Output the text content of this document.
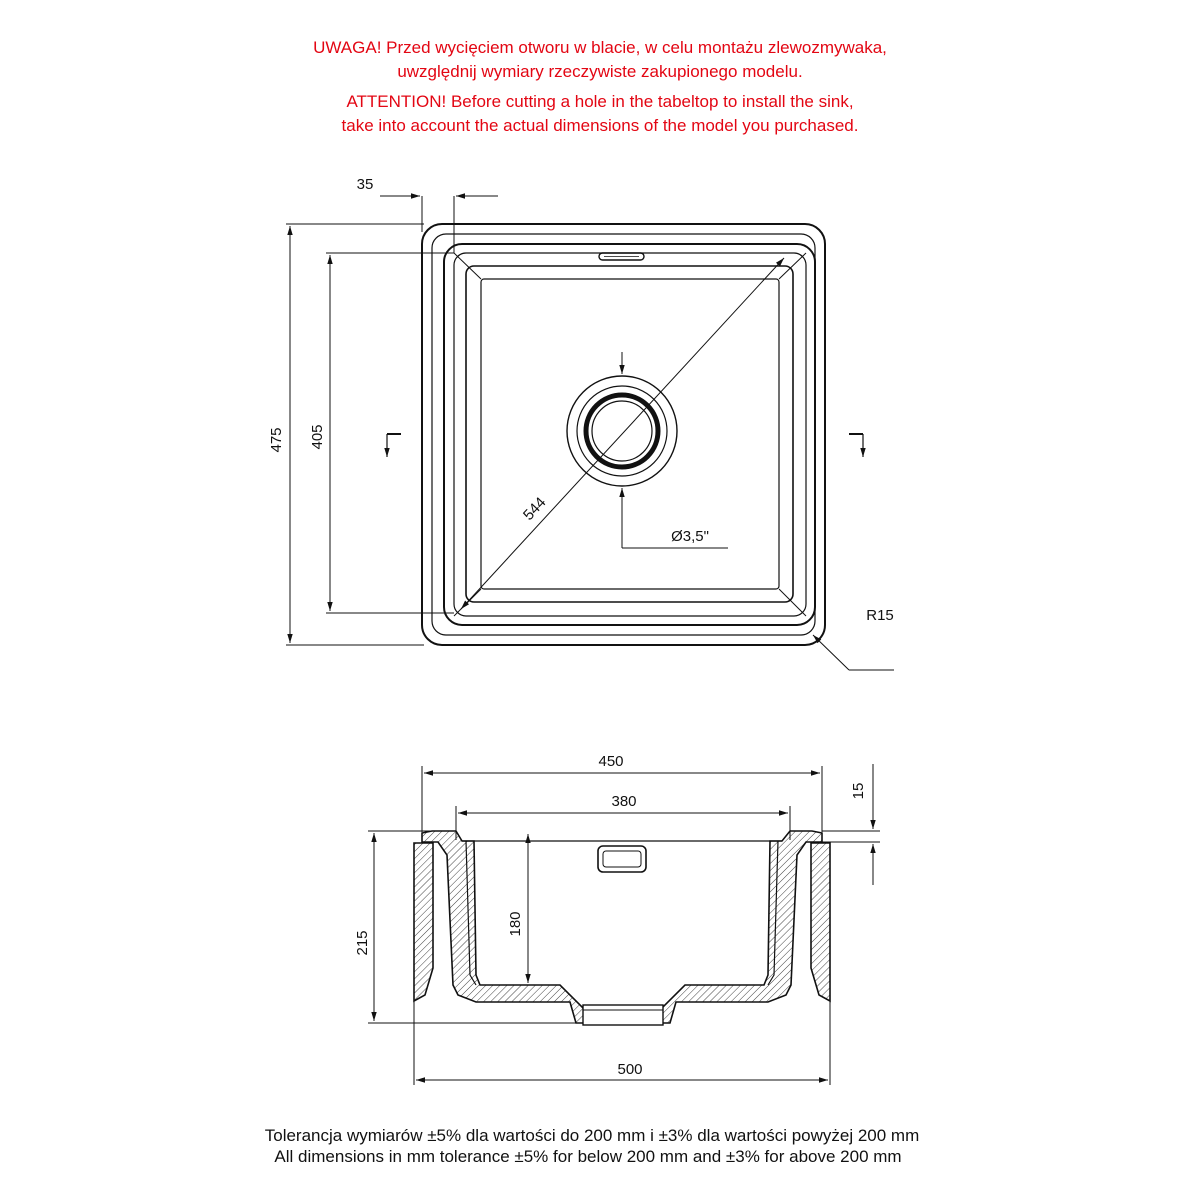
UWAGA! Przed wycięciem otworu w blacie, w celu montażu zlewozmywaka,
uwzględnij wymiary rzeczywiste zakupionego modelu.
ATTENTION! Before cutting a hole in the tabeltop to install the sink,
take into account the actual dimensions of the model you purchased.
35
475 405
544
Ø3,5"
R15
450
380
15
215
180
500
Tolerancja wymiarów ±5% dla wartości do 200 mm i ±3% dla wartości powyżej 200 mm
All dimensions in mm tolerance ±5% for below 200 mm and ±3% for above 200 mm
